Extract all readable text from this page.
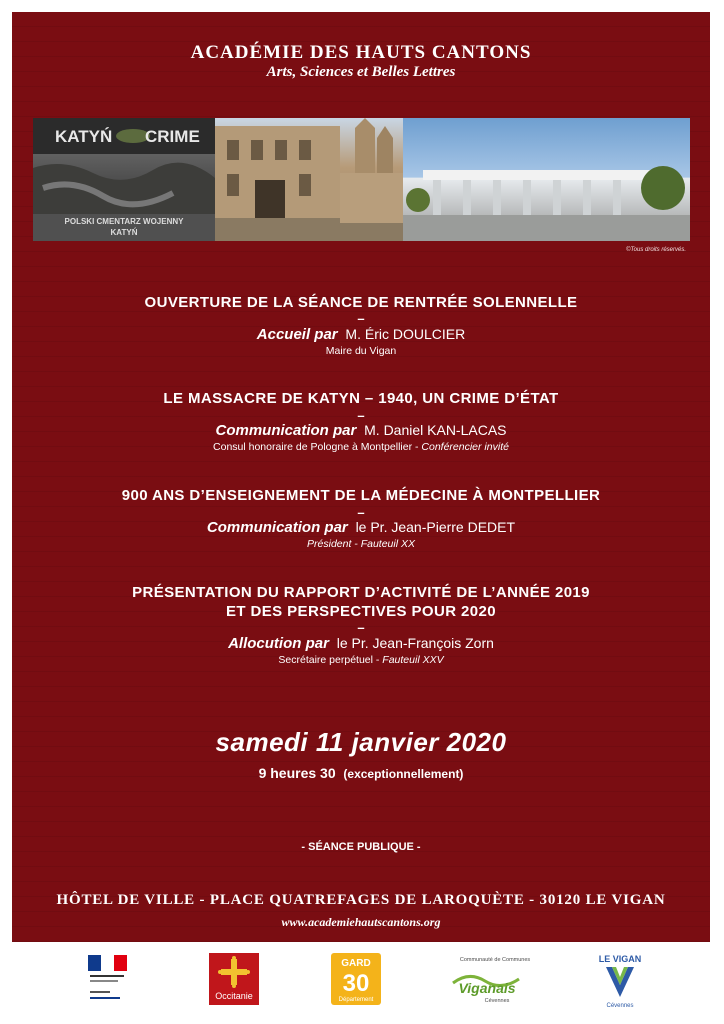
ACADÉMIE DES HAUTS CANTONS
Arts, Sciences et Belles Lettres
KATYŃ CRIME
POLSKI CMENTARZ WOJENNY
KATYŃ
©Tous droits réservés.
OUVERTURE DE LA SÉANCE DE RENTRÉE SOLENNELLE
–
Accueil par M. Éric DOULCIER
Maire du Vigan
LE MASSACRE DE KATYN – 1940, UN CRIME D’ÉTAT
–
Communication par M. Daniel KAN-LACAS
Consul honoraire de Pologne à Montpellier - Conférencier invité
900 ANS D’ENSEIGNEMENT DE LA MÉDECINE À MONTPELLIER
–
Communication par le Pr. Jean-Pierre DEDET
Président - Fauteuil XX
PRÉSENTATION DU RAPPORT D’ACTIVITÉ DE L’ANNÉE 2019
ET DES PERSPECTIVES POUR 2020
–
Allocution par le Pr. Jean-François Zorn
Secrétaire perpétuel - Fauteuil XXV
samedi 11 janvier 2020
9 heures 30 (exceptionnellement)
- SÉANCE PUBLIQUE -
HÔTEL DE VILLE - PLACE QUATREFAGES DE LAROQUÈTE - 30120 LE VIGAN
www.academiehautscantons.org
Occitanie
GARD
30
Département
Communauté de Communes
Viganais
Cévennes
LE VIGAN
Cévennes
